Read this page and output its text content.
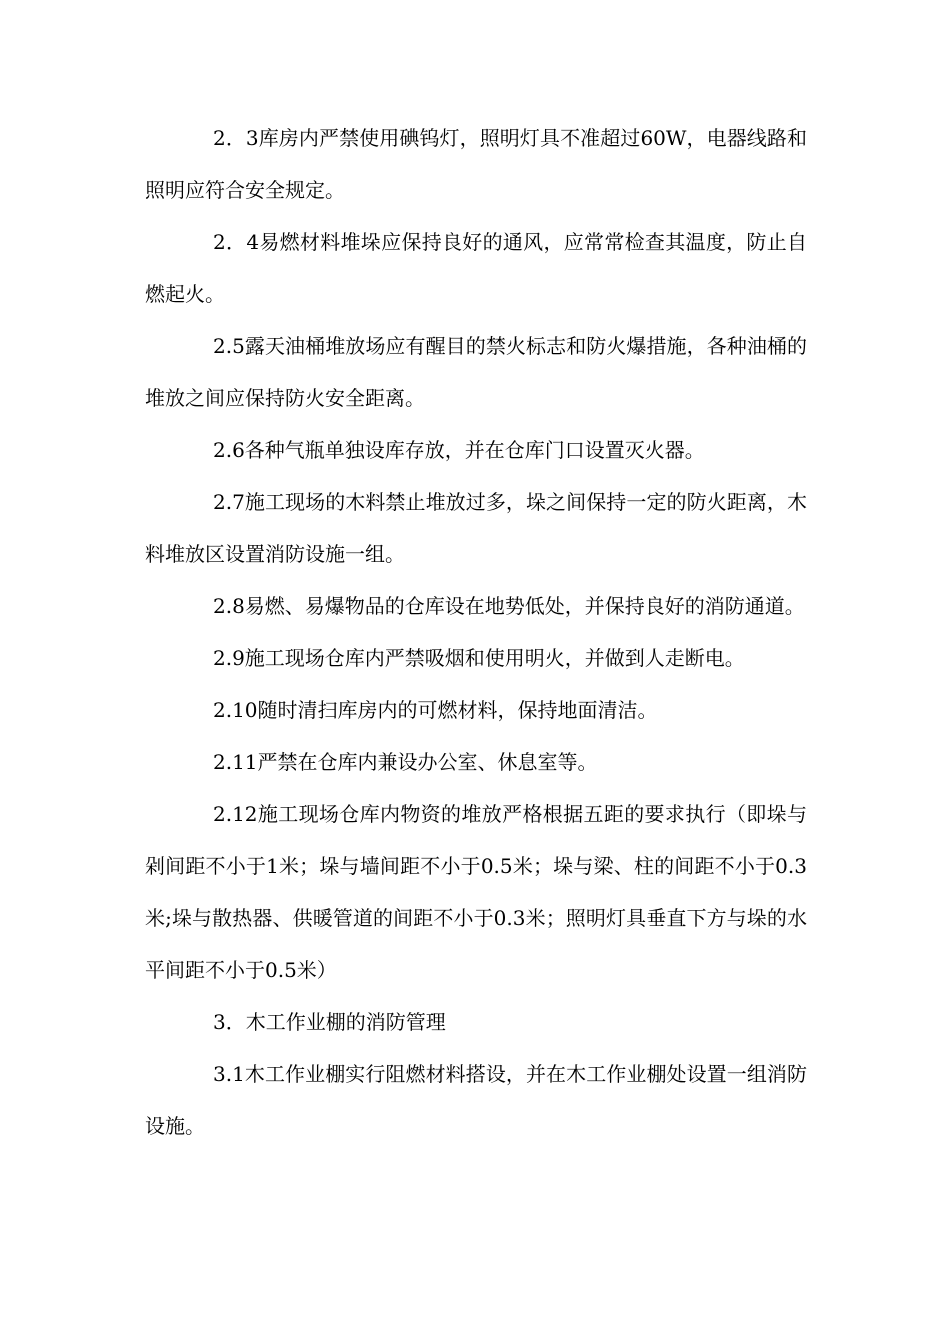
2．3库房内严禁使用碘钨灯，照明灯具不准超过60W，电器线路和照明应符合安全规定。

2．4易燃材料堆垛应保持良好的通风，应常常检查其温度，防止自燃起火。

2.5露天油桶堆放场应有醒目的禁火标志和防火爆措施，各种油桶的堆放之间应保持防火安全距离。

2.6各种气瓶单独设库存放，并在仓库门口设置灭火器。

2.7施工现场的木料禁止堆放过多，垛之间保持一定的防火距离，木料堆放区设置消防设施一组。

2.8易燃、易爆物品的仓库设在地势低处，并保持良好的消防通道。

2.9施工现场仓库内严禁吸烟和使用明火，并做到人走断电。

2.10随时清扫库房内的可燃材料，保持地面清洁。

2.11严禁在仓库内兼设办公室、休息室等。

2.12施工现场仓库内物资的堆放严格根据五距的要求执行（即垛与剁间距不小于1米；垛与墙间距不小于0.5米；垛与梁、柱的间距不小于0.3米;垛与散热器、供暖管道的间距不小于0.3米；照明灯具垂直下方与垛的水平间距不小于0.5米）

3．木工作业棚的消防管理

3.1木工作业棚实行阻燃材料搭设，并在木工作业棚处设置一组消防设施。
